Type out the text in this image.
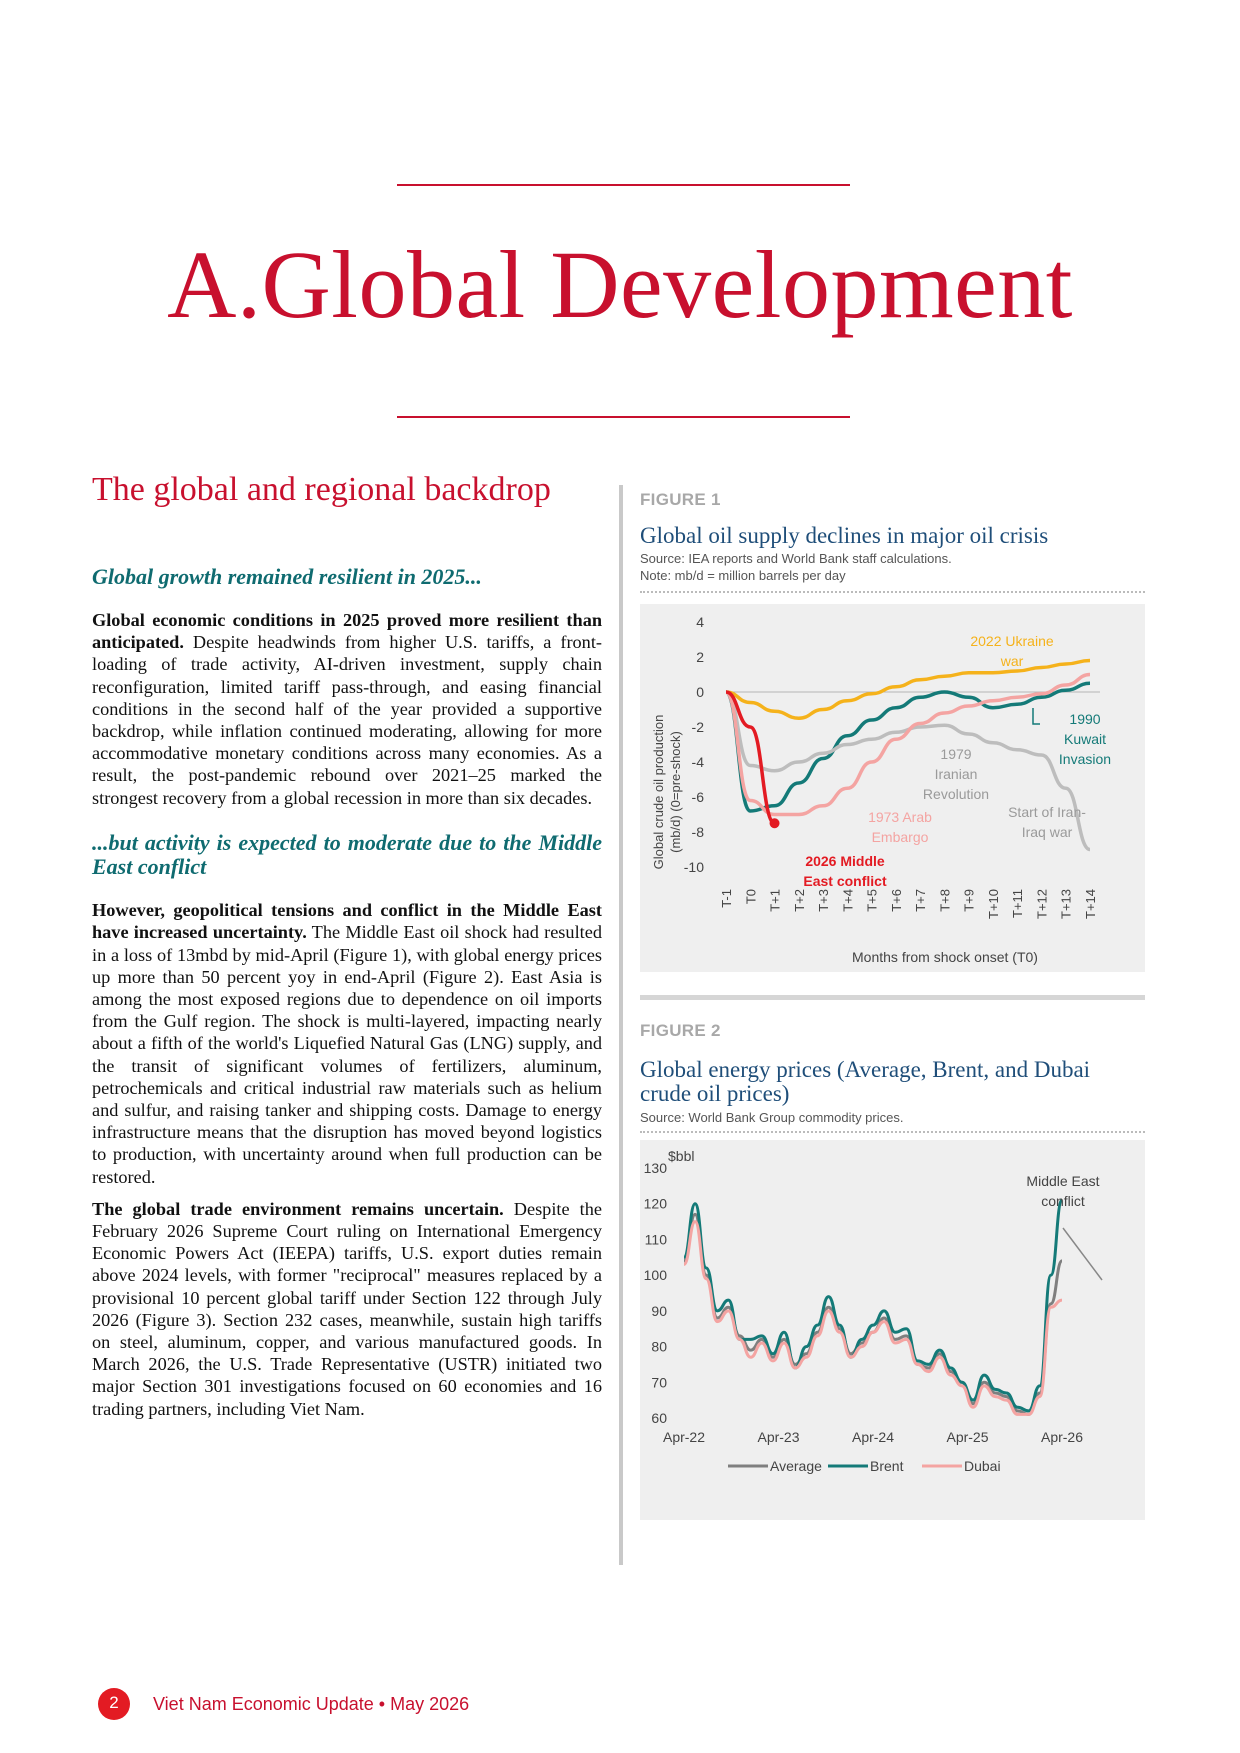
A.Global Development
The global and regional backdrop
Global growth remained resilient in 2025...

Global economic conditions in 2025 proved more resilient than anticipated. Despite headwinds from higher U.S. tariffs, a front-loading of trade activity, AI-driven investment, supply chain reconfiguration, limited tariff pass-through, and easing financial conditions in the second half of the year provided a supportive backdrop, while inflation continued moderating, allowing for more accommodative monetary conditions across many economies. As a result, the post-pandemic rebound over 2021–25 marked the strongest recovery from a global recession in more than six decades.

...but activity is expected to moderate due to the Middle East conflict

However, geopolitical tensions and conflict in the Middle East have increased uncertainty. The Middle East oil shock had resulted in a loss of 13mbd by mid-April (Figure 1), with global energy prices up more than 50 percent yoy in end-April (Figure 2). East Asia is among the most exposed regions due to dependence on oil imports from the Gulf region. The shock is multi-layered, impacting nearly about a fifth of the world's Liquefied Natural Gas (LNG) supply, and the transit of significant volumes of fertilizers, aluminum, petrochemicals and critical industrial raw materials such as helium and sulfur, and raising tanker and shipping costs. Damage to energy infrastructure means that the disruption has moved beyond logistics to production, with uncertainty around when full production can be restored.

The global trade environment remains uncertain. Despite the February 2026 Supreme Court ruling on International Emergency Economic Powers Act (IEEPA) tariffs, U.S. export duties remain above 2024 levels, with former "reciprocal" measures replaced by a provisional 10 percent global tariff under Section 122 through July 2026 (Figure 3). Section 232 cases, meanwhile, sustain high tariffs on steel, aluminum, copper, and various manufactured goods. In March 2026, the U.S. Trade Representative (USTR) initiated two major Section 301 investigations focused on 60 economies and 16 trading partners, including Viet Nam.

FIGURE 1
Global oil supply declines in major oil crisis
Source: IEA reports and World Bank staff calculations.
Note: mb/d = million barrels per day
4
2
0
-2
-4
-6
-8
-10
T-1 T0 T+1 T+2 T+3 T+4 T+5 T+6 T+7 T+8 T+9 T+10 T+11 T+12 T+13 T+14
Global crude oil production (mb/d) (0=pre-shock)
Months from shock onset (T0)
2022 Ukraine
war
1990
Kuwait
Invasion
1979
Iranian
Revolution
1973 Arab
Embargo
Start of Iran-
Iraq war
2026 Middle
East conflict
FIGURE 2
Global energy prices (Average, Brent, and Dubai crude oil prices)
Source: World Bank Group commodity prices.
130
120
110
100
90
80
70
60
Apr-22	Apr-23	Apr-24	Apr-25	Apr-26
Average	Brent	Dubai
$bbl
Middle East
conflict
2	Viet Nam Economic Update • May 2026
